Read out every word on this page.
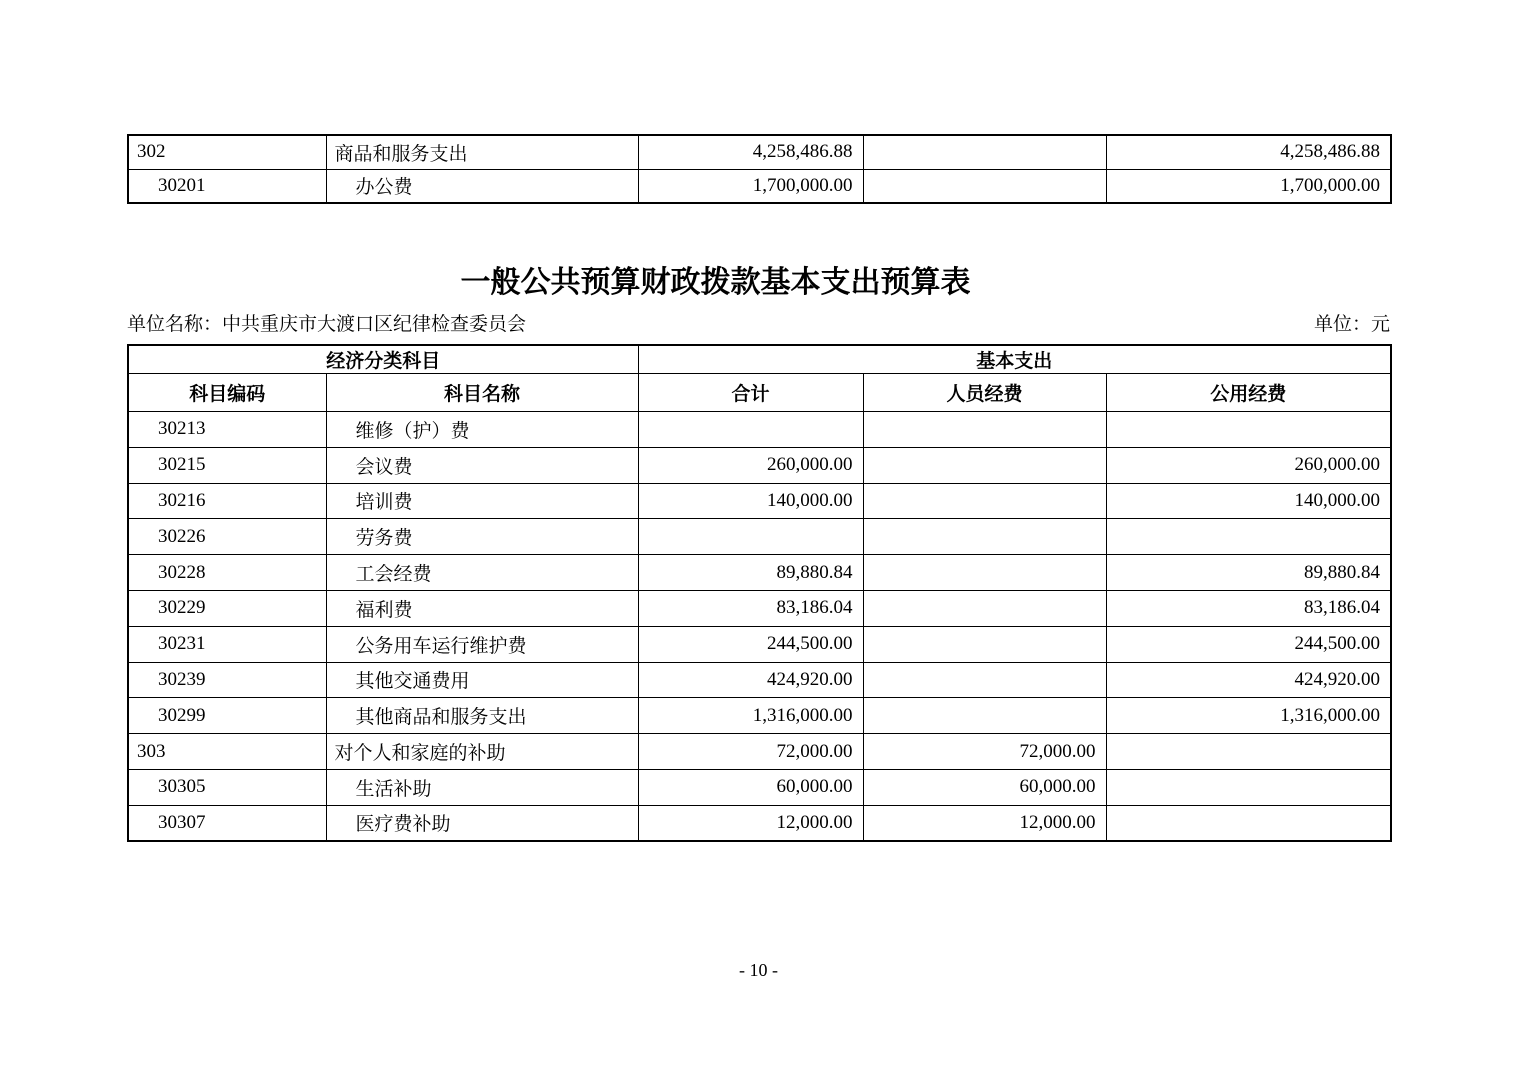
302	商品和服务支出	4,258,486.88		4,258,486.88
30201	办公费	1,700,000.00		1,700,000.00
一般公共预算财政拨款基本支出预算表
单位名称：中共重庆市大渡口区纪律检查委员会	单位：元
经济分类科目		基本支出		
科目编码	科目名称	合计	人员经费	公用经费
30213	维修（护）费			
30215	会议费	260,000.00		260,000.00
30216	培训费	140,000.00		140,000.00
30226	劳务费			
30228	工会经费	89,880.84		89,880.84
30229	福利费	83,186.04		83,186.04
30231	公务用车运行维护费	244,500.00		244,500.00
30239	其他交通费用	424,920.00		424,920.00
30299	其他商品和服务支出	1,316,000.00		1,316,000.00
303	对个人和家庭的补助	72,000.00	72,000.00	
30305	生活补助	60,000.00	60,000.00	
30307	医疗费补助	12,000.00	12,000.00	
- 10 -
